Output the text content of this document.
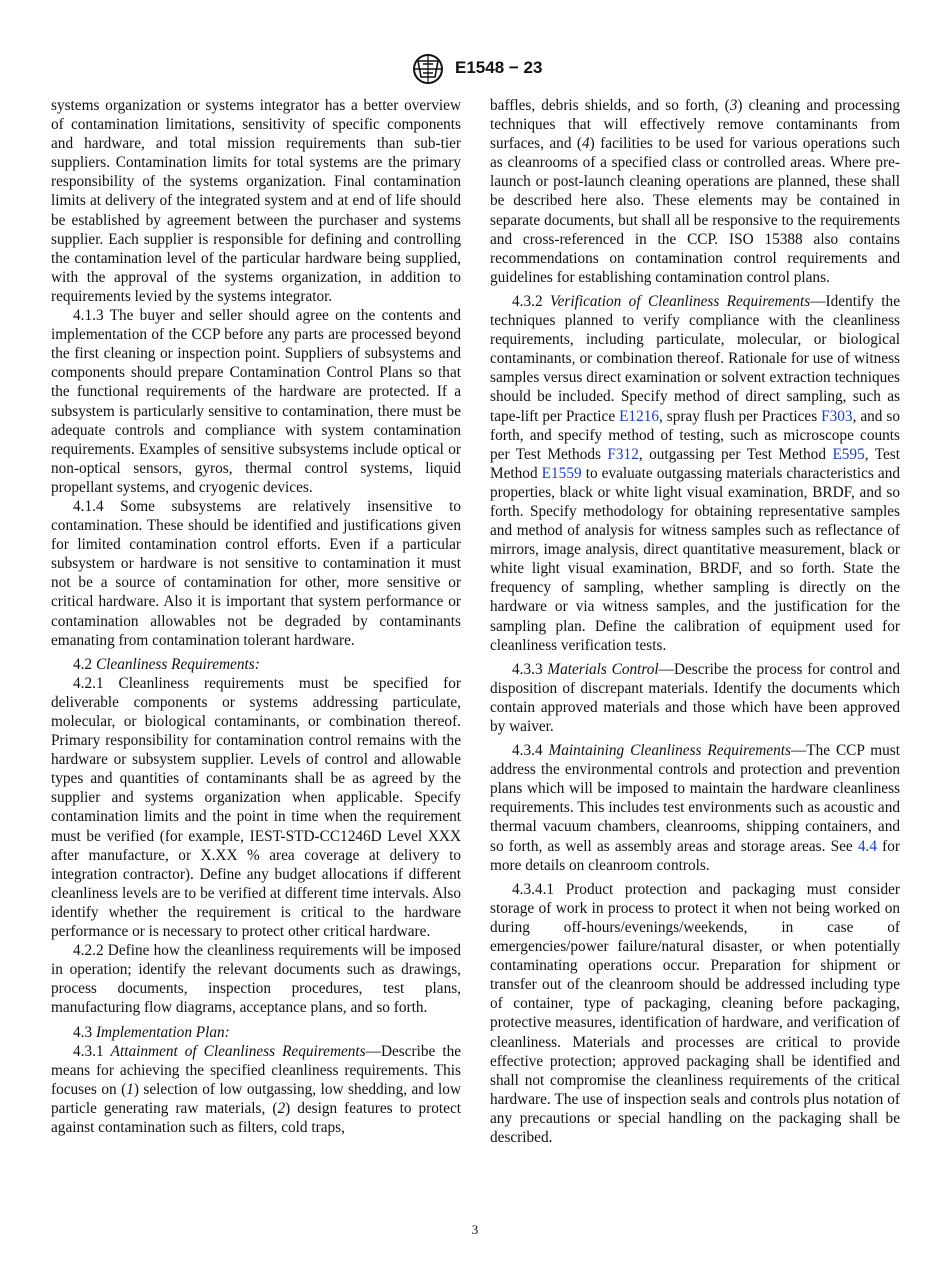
E1548 − 23

systems organization or systems integrator has a better overview of contamination limitations, sensitivity of specific components and hardware, and total mission requirements than sub-tier suppliers. Contamination limits for total systems are the primary responsibility of the systems organization. Final contamination limits at delivery of the integrated system and at end of life should be established by agreement between the purchaser and systems supplier. Each supplier is responsible for defining and controlling the contamination level of the particular hardware being supplied, with the approval of the systems organization, in addition to requirements levied by the systems integrator.

4.1.3 The buyer and seller should agree on the contents and implementation of the CCP before any parts are processed beyond the first cleaning or inspection point. Suppliers of subsystems and components should prepare Contamination Control Plans so that the functional requirements of the hardware are protected. If a subsystem is particularly sensitive to contamination, there must be adequate controls and compliance with system contamination requirements. Examples of sensitive subsystems include optical or non-optical sensors, gyros, thermal control systems, liquid propellant systems, and cryogenic devices.

4.1.4 Some subsystems are relatively insensitive to contamination. These should be identified and justifications given for limited contamination control efforts. Even if a particular subsystem or hardware is not sensitive to contamination it must not be a source of contamination for other, more sensitive or critical hardware. Also it is important that system performance or contamination allowables not be degraded by contaminants emanating from contamination tolerant hardware.

4.2 Cleanliness Requirements:

4.2.1 Cleanliness requirements must be specified for deliverable components or systems addressing particulate, molecular, or biological contaminants, or combination thereof. Primary responsibility for contamination control remains with the hardware or subsystem supplier. Levels of control and allowable types and quantities of contaminants shall be as agreed by the supplier and systems organization when applicable. Specify contamination limits and the point in time when the requirement must be verified (for example, IEST-STD-CC1246D Level XXX after manufacture, or X.XX % area coverage at delivery to integration contractor). Define any budget allocations if different cleanliness levels are to be verified at different time intervals. Also identify whether the requirement is critical to the hardware performance or is necessary to protect other critical hardware.

4.2.2 Define how the cleanliness requirements will be imposed in operation; identify the relevant documents such as drawings, process documents, inspection procedures, test plans, manufacturing flow diagrams, acceptance plans, and so forth.

4.3 Implementation Plan:

4.3.1 Attainment of Cleanliness Requirements—Describe the means for achieving the specified cleanliness requirements. This focuses on (1) selection of low outgassing, low shedding, and low particle generating raw materials, (2) design features to protect against contamination such as filters, cold traps,

baffles, debris shields, and so forth, (3) cleaning and processing techniques that will effectively remove contaminants from surfaces, and (4) facilities to be used for various operations such as cleanrooms of a specified class or controlled areas. Where pre-launch or post-launch cleaning operations are planned, these shall be described here also. These elements may be contained in separate documents, but shall all be responsive to the requirements and cross-referenced in the CCP. ISO 15388 also contains recommendations on contamination control requirements and guidelines for establishing contamination control plans.

4.3.2 Verification of Cleanliness Requirements—Identify the techniques planned to verify compliance with the cleanliness requirements, including particulate, molecular, or biological contaminants, or combination thereof. Rationale for use of witness samples versus direct examination or solvent extraction techniques should be included. Specify method of direct sampling, such as tape-lift per Practice E1216, spray flush per Practices F303, and so forth, and specify method of testing, such as microscope counts per Test Methods F312, outgassing per Test Method E595, Test Method E1559 to evaluate outgassing materials characteristics and properties, black or white light visual examination, BRDF, and so forth. Specify methodology for obtaining representative samples and method of analysis for witness samples such as reflectance of mirrors, image analysis, direct quantitative measurement, black or white light visual examination, BRDF, and so forth. State the frequency of sampling, whether sampling is directly on the hardware or via witness samples, and the justification for the sampling plan. Define the calibration of equipment used for cleanliness verification tests.

4.3.3 Materials Control—Describe the process for control and disposition of discrepant materials. Identify the documents which contain approved materials and those which have been approved by waiver.

4.3.4 Maintaining Cleanliness Requirements—The CCP must address the environmental controls and protection and prevention plans which will be imposed to maintain the hardware cleanliness requirements. This includes test environments such as acoustic and thermal vacuum chambers, cleanrooms, shipping containers, and so forth, as well as assembly areas and storage areas. See 4.4 for more details on cleanroom controls.

4.3.4.1 Product protection and packaging must consider storage of work in process to protect it when not being worked on during off-hours/evenings/weekends, in case of emergencies/power failure/natural disaster, or when potentially contaminating operations occur. Preparation for shipment or transfer out of the cleanroom should be addressed including type of container, type of packaging, cleaning before packaging, protective measures, identification of hardware, and verification of cleanliness. Materials and processes are critical to provide effective protection; approved packaging shall be identified and shall not compromise the cleanliness requirements of the critical hardware. The use of inspection seals and controls plus notation of any precautions or special handling on the packaging shall be described.

3
